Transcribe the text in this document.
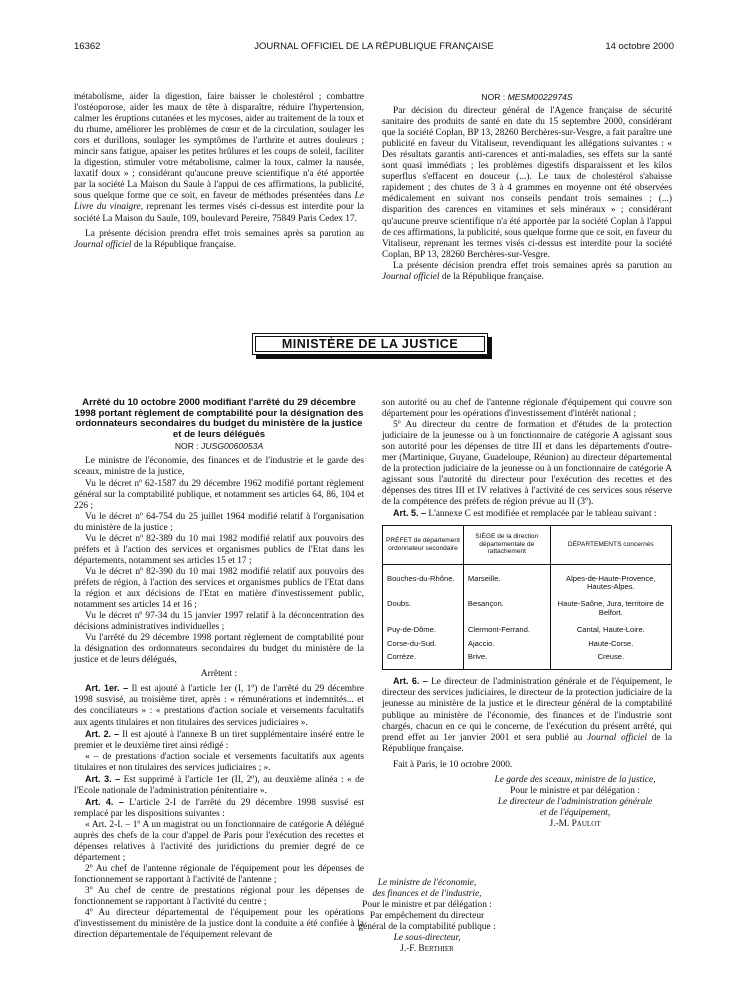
16362	JOURNAL OFFICIEL DE LA RÉPUBLIQUE FRANÇAISE	14 octobre 2000

métabolisme, aider la digestion, faire baisser le cholestérol ; combattre l'ostéoporose, aider les maux de tête à disparaître, réduire l'hypertension, calmer les éruptions cutanées et les mycoses, aider au traitement de la toux et du rhume, améliorer les problèmes de cœur et de la circulation, soulager les cors et durillons, soulager les symptômes de l'arthrite et autres douleurs ; mincir sans fatigue, apaiser les petites brûlures et les coups de soleil, faciliter la digestion, stimuler votre métabolisme, calmer la toux, calmer la nausée, laxatif doux » ; considérant qu'aucune preuve scientifique n'a été apportée par la société La Maison du Saule à l'appui de ces affirmations, la publicité, sous quelque forme que ce soit, en faveur de méthodes présentées dans Le Livre du vinaigre, reprenant les termes visés ci-dessus est interdite pour la société La Maison du Saule, 109, boulevard Pereire, 75849 Paris Cedex 17.

La présente décision prendra effet trois semaines après sa parution au Journal officiel de la République française.

NOR : MESM0022974S

Par décision du directeur général de l'Agence française de sécurité sanitaire des produits de santé en date du 15 septembre 2000, considérant que la société Coplan, BP 13, 28260 Berchères-sur-Vesgre, a fait paraître une publicité en faveur du Vitaliseur, revendiquant les allégations suivantes : « Des résultats garantis anti-carences et anti-maladies, ses effets sur la santé sont quasi immédiats ; les problèmes digestifs disparaissent et les kilos superflus s'effacent en douceur (...). Le taux de cholestérol s'abaisse rapidement ; des chutes de 3 à 4 grammes en moyenne ont été observées médicalement en suivant nos conseils pendant trois semaines ; (...) disparition des carences en vitamines et sels minéraux » ; considérant qu'aucune preuve scientifique n'a été apportée par la société Coplan à l'appui de ces affirmations, la publicité, sous quelque forme que ce soit, en faveur du Vitaliseur, reprenant les termes visés ci-dessus est interdite pour la société Coplan, BP 13, 28260 Berchères-sur-Vesgre.

La présente décision prendra effet trois semaines après sa parution au Journal officiel de la République française.

MINISTÈRE DE LA JUSTICE
Arrêté du 10 octobre 2000 modifiant l'arrêté du 29 décembre 1998 portant règlement de comptabilité pour la désignation des ordonnateurs secondaires du budget du ministère de la justice et de leurs délégués
NOR : JUSG0060053A

Le ministre de l'économie, des finances et de l'industrie et le garde des sceaux, ministre de la justice,

Vu le décret nº 62-1587 du 29 décembre 1962 modifié portant règlement général sur la comptabilité publique, et notamment ses articles 64, 86, 104 et 226 ;

Vu le décret nº 64-754 du 25 juillet 1964 modifié relatif à l'organisation du ministère de la justice ;

Vu le décret nº 82-389 du 10 mai 1982 modifié relatif aux pouvoirs des préfets et à l'action des services et organismes publics de l'Etat dans les départements, notamment ses articles 15 et 17 ;

Vu le décret nº 82-390 du 10 mai 1982 modifié relatif aux pouvoirs des préfets de région, à l'action des services et organismes publics de l'Etat dans la région et aux décisions de l'Etat en matière d'investissement public, notamment ses articles 14 et 16 ;

Vu le décret nº 97-34 du 15 janvier 1997 relatif à la déconcentration des décisions administratives individuelles ;

Vu l'arrêté du 29 décembre 1998 portant règlement de comptabilité pour la désignation des ordonnateurs secondaires du budget du ministère de la justice et de leurs délégués,

Arrêtent :

Art. 1er. – Il est ajouté à l'article 1er (I, 1º) de l'arrêté du 29 décembre 1998 susvisé, au troisième tiret, après : « rémunérations et indemnités... et des conciliateurs » : « prestations d'action sociale et versements facultatifs aux agents titulaires et non titulaires des services judiciaires ».

Art. 2. – Il est ajouté à l'annexe B un tiret supplémentaire inséré entre le premier et le deuxième tiret ainsi rédigé :

« – de prestations d'action sociale et versements facultatifs aux agents titulaires et non titulaires des services judiciaires ; ».

Art. 3. – Est supprimé à l'article 1er (II, 2º), au deuxième alinéa : « de l'Ecole nationale de l'administration pénitentiaire ».

Art. 4. – L'article 2-I de l'arrêté du 29 décembre 1998 susvisé est remplacé par les dispositions suivantes :

« Art. 2-I. – 1º A un magistrat ou un fonctionnaire de catégorie A délégué auprès des chefs de la cour d'appel de Paris pour l'exécution des recettes et dépenses relatives à l'activité des juridictions du premier degré de ce département ;

2º Au chef de l'antenne régionale de l'équipement pour les dépenses de fonctionnement se rapportant à l'activité de l'antenne ;

3º Au chef de centre de prestations régional pour les dépenses de fonctionnement se rapportant à l'activité du centre ;

4º Au directeur départemental de l'équipement pour les opérations d'investissement du ministère de la justice dont la conduite a été confiée à la direction départementale de l'équipement relevant de

son autorité ou au chef de l'antenne régionale d'équipement qui couvre son département pour les opérations d'investissement d'intérêt national ;

5º Au directeur du centre de formation et d'études de la protection judiciaire de la jeunesse ou à un fonctionnaire de catégorie A agissant sous son autorité pour les dépenses de titre III et dans les départements d'outre-mer (Martinique, Guyane, Guadeloupe, Réunion) au directeur départemental de la protection judiciaire de la jeunesse ou à un fonctionnaire de catégorie A agissant sous l'autorité du directeur pour l'exécution des recettes et des dépenses des titres III et IV relatives à l'activité de ces services sous réserve de la compétence des préfets de région prévue au II (3º).

Art. 5. – L'annexe C est modifiée et remplacée par le tableau suivant :

PRÉFET de département ordonnateur secondaire	SIÈGE de la direction départementale de rattachement	DÉPARTEMENTS concernés
Bouches-du-Rhône.	Marseille.	Alpes-de-Haute-Provence, Hautes-Alpes.
Doubs.	Besançon.	Haute-Saône, Jura, territoire de Belfort.
Puy-de-Dôme.	Clermont-Ferrand.	Cantal, Haute-Loire.
Corse-du-Sud.	Ajaccio.	Haute-Corse.
Corrèze.	Brive.	Creuse.

Art. 6. – Le directeur de l'administration générale et de l'équipement, le directeur des services judiciaires, le directeur de la protection judiciaire de la jeunesse au ministère de la justice et le directeur général de la comptabilité publique au ministère de l'économie, des finances et de l'industrie sont chargés, chacun en ce qui le concerne, de l'exécution du présent arrêté, qui prend effet au 1er janvier 2001 et sera publié au Journal officiel de la République française.

Fait à Paris, le 10 octobre 2000.

Le garde des sceaux, ministre de la justice,
Pour le ministre et par délégation :
Le directeur de l'administration générale
et de l'équipement,
J.-M. Paulot
Le ministre de l'économie,
des finances et de l'industrie,
Pour le ministre et par délégation :
Par empêchement du directeur
général de la comptabilité publique :
Le sous-directeur,
J.-F. Berthier
